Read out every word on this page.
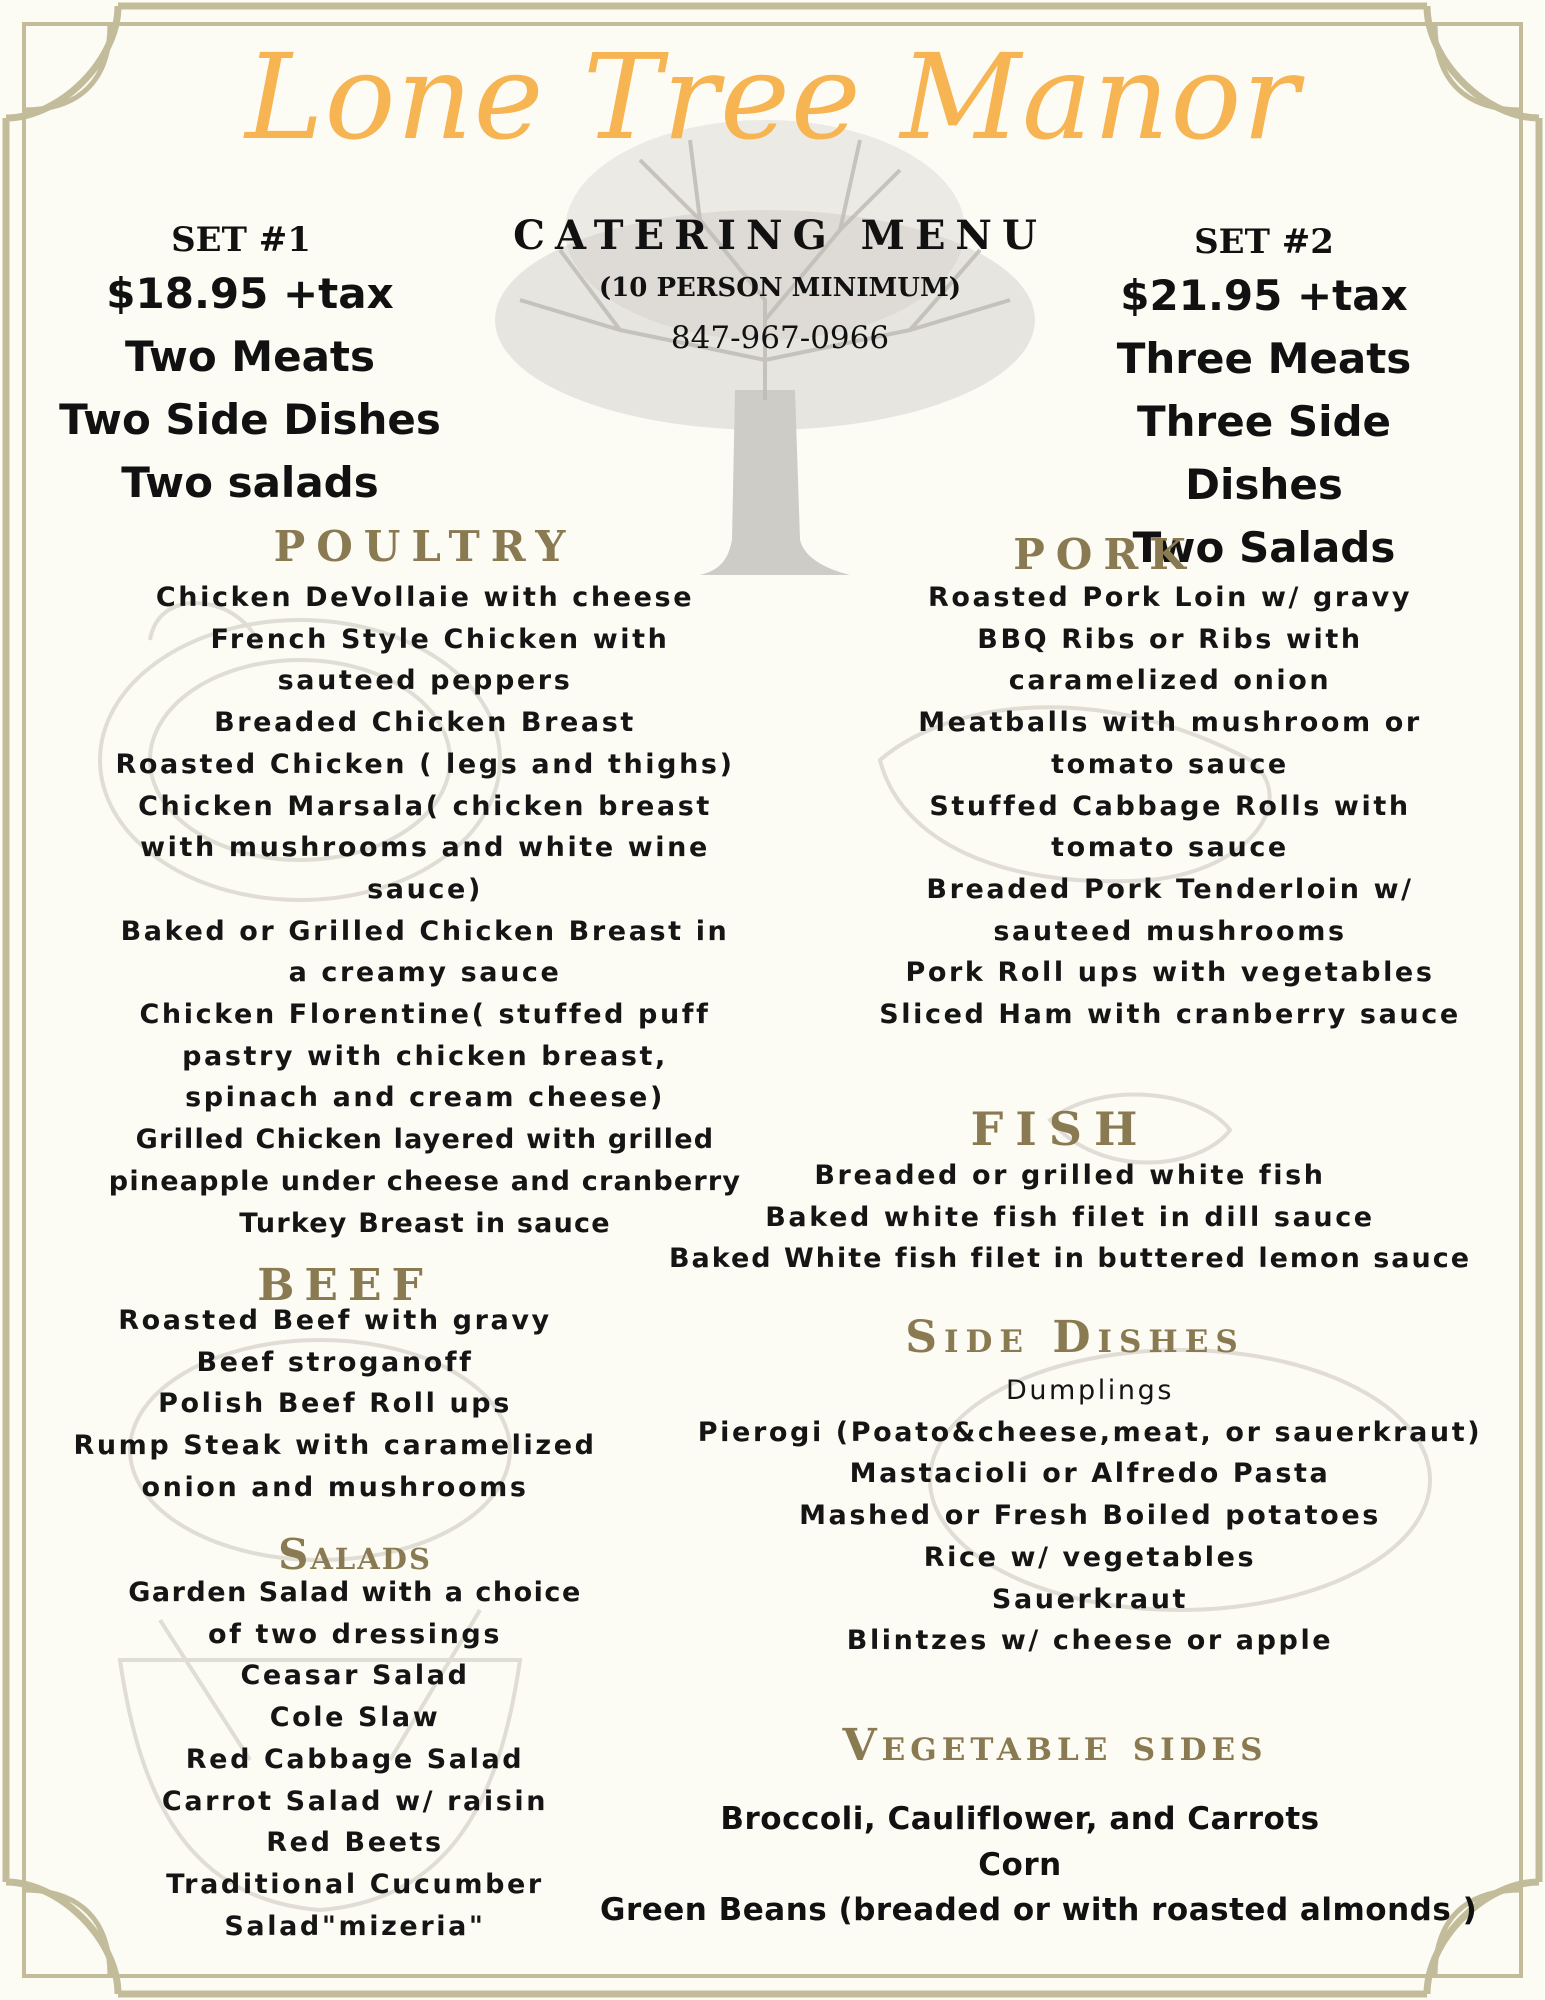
Lone Tree Manor
CATERING MENU
(10 PERSON MINIMUM)
847-967-0966
SET #1
$18.95 +tax
Two Meats
Two Side Dishes
Two salads
SET #2
$21.95 +tax
Three Meats
Three Side Dishes
Two Salads
POULTRY
Chicken DeVollaie with cheese
French Style Chicken with
sauteed peppers
Breaded Chicken Breast
Roasted Chicken ( legs and thighs)
Chicken Marsala( chicken breast
with mushrooms and white wine
sauce)
Baked or Grilled Chicken Breast in
a creamy sauce
Chicken Florentine( stuffed puff
pastry with chicken breast,
spinach and cream cheese)
Grilled Chicken layered with grilled
pineapple under cheese and cranberry
Turkey Breast in sauce
PORK
Roasted Pork Loin w/ gravy
BBQ Ribs or Ribs with
caramelized onion
Meatballs with mushroom or
tomato sauce
Stuffed Cabbage Rolls with
tomato sauce
Breaded Pork Tenderloin w/
sauteed mushrooms
Pork Roll ups with vegetables
Sliced Ham with cranberry sauce
FISH
Breaded or grilled white fish
Baked white fish filet in dill sauce
Baked White fish filet in buttered lemon sauce
BEEF
Roasted Beef with gravy
Beef stroganoff
Polish Beef Roll ups
Rump Steak with caramelized
onion and mushrooms
Side Dishes
Dumplings
Pierogi (Poato&cheese,meat, or sauerkraut)
Mastacioli or Alfredo Pasta
Mashed or Fresh Boiled potatoes
Rice w/ vegetables
Sauerkraut
Blintzes w/ cheese or apple
Salads
Garden Salad with a choice
of two dressings
Ceasar Salad
Cole Slaw
Red Cabbage Salad
Carrot Salad w/ raisin
Red Beets
Traditional Cucumber
Salad"mizeria"
Vegetable sides
Broccoli, Cauliflower, and Carrots
Corn
Green Beans (breaded or with roasted almonds )
